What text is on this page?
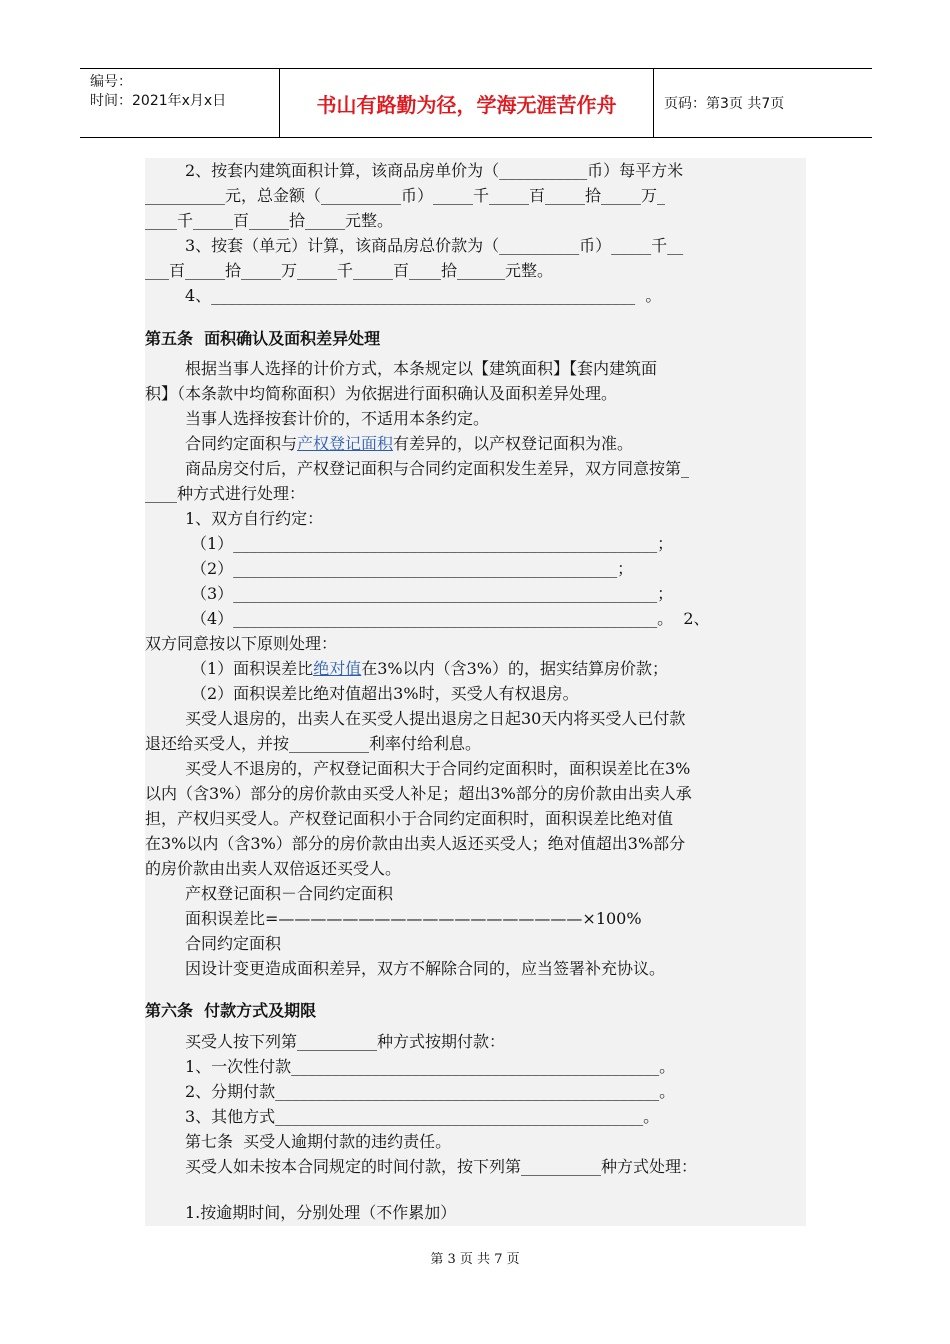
编号：
时间：2021年x月x日	书山有路勤为径，学海无涯苦作舟	页码：第3页 共7页
2、按套内建筑面积计算，该商品房单价为（___________币）每平方米
__________元，总金额（__________币）_____千_____百_____拾_____万_
____千_____百_____拾_____元整。
3、按套（单元）计算，该商品房总价款为（__________币）_____千__
___百_____拾_____万_____千_____百____拾______元整。
4、_____________________________________________________  。
第五条  面积确认及面积差异处理
根据当事人选择的计价方式，本条规定以【建筑面积】【套内建筑面
积】（本条款中均简称面积）为依据进行面积确认及面积差异处理。
当事人选择按套计价的，不适用本条约定。
合同约定面积与产权登记面积有差异的，以产权登记面积为准。
商品房交付后，产权登记面积与合同约定面积发生差异，双方同意按第_
____种方式进行处理：
1、双方自行约定：
（1）_____________________________________________________；
（2）________________________________________________；
（3）_____________________________________________________；
（4）_____________________________________________________。  2、
双方同意按以下原则处理：
（1）面积误差比绝对值在3%以内（含3%）的，据实结算房价款；
（2）面积误差比绝对值超出3%时，买受人有权退房。
买受人退房的，出卖人在买受人提出退房之日起30天内将买受人已付款
退还给买受人，并按__________利率付给利息。
买受人不退房的，产权登记面积大于合同约定面积时，面积误差比在3%
以内（含3%）部分的房价款由买受人补足；超出3%部分的房价款由出卖人承
担，产权归买受人。产权登记面积小于合同约定面积时，面积误差比绝对值
在3%以内（含3%）部分的房价款由出卖人返还买受人；绝对值超出3%部分
的房价款由出卖人双倍返还买受人。
产权登记面积－合同约定面积
面积误差比=———————————————————×100%
合同约定面积
因设计变更造成面积差异，双方不解除合同的，应当签署补充协议。
第六条  付款方式及期限
买受人按下列第__________种方式按期付款：
1、一次性付款______________________________________________。
2、分期付款________________________________________________。
3、其他方式______________________________________________。
第七条  买受人逾期付款的违约责任。
买受人如未按本合同规定的时间付款，按下列第__________种方式处理：
1.按逾期时间，分别处理（不作累加）
第 3 页 共 7 页
